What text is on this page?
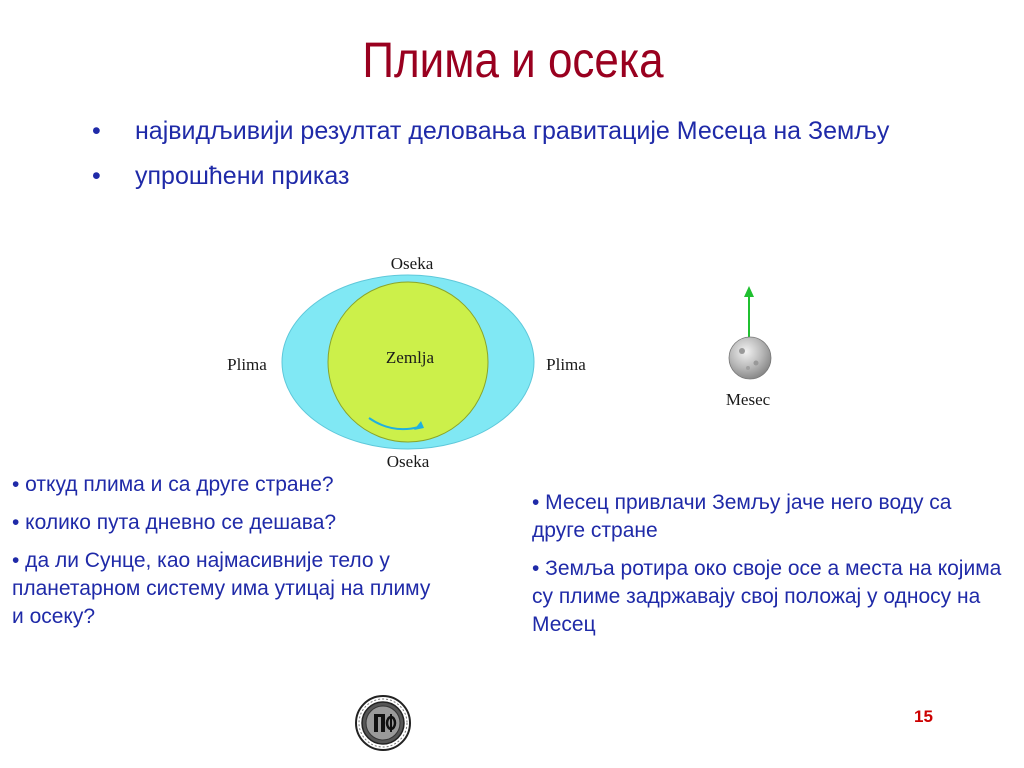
Плима и осека
• највидљивији резултат деловања гравитације Месеца на Земљу
• упрошћени приказ
Oseka
Oseka
Plima	Plima
Zemlja
Mesec

• откуд плима и са друге стране?

• колико пута дневно се дешава?

• да ли Сунце, као најмасивније тело у планетарном систему има утицај на плиму и осеку?

• Месец привлачи Земљу јаче него воду са друге стране

• Земља ротира око своје осе а места на којима су плиме задржавају свој положај у односу на Месец

15
